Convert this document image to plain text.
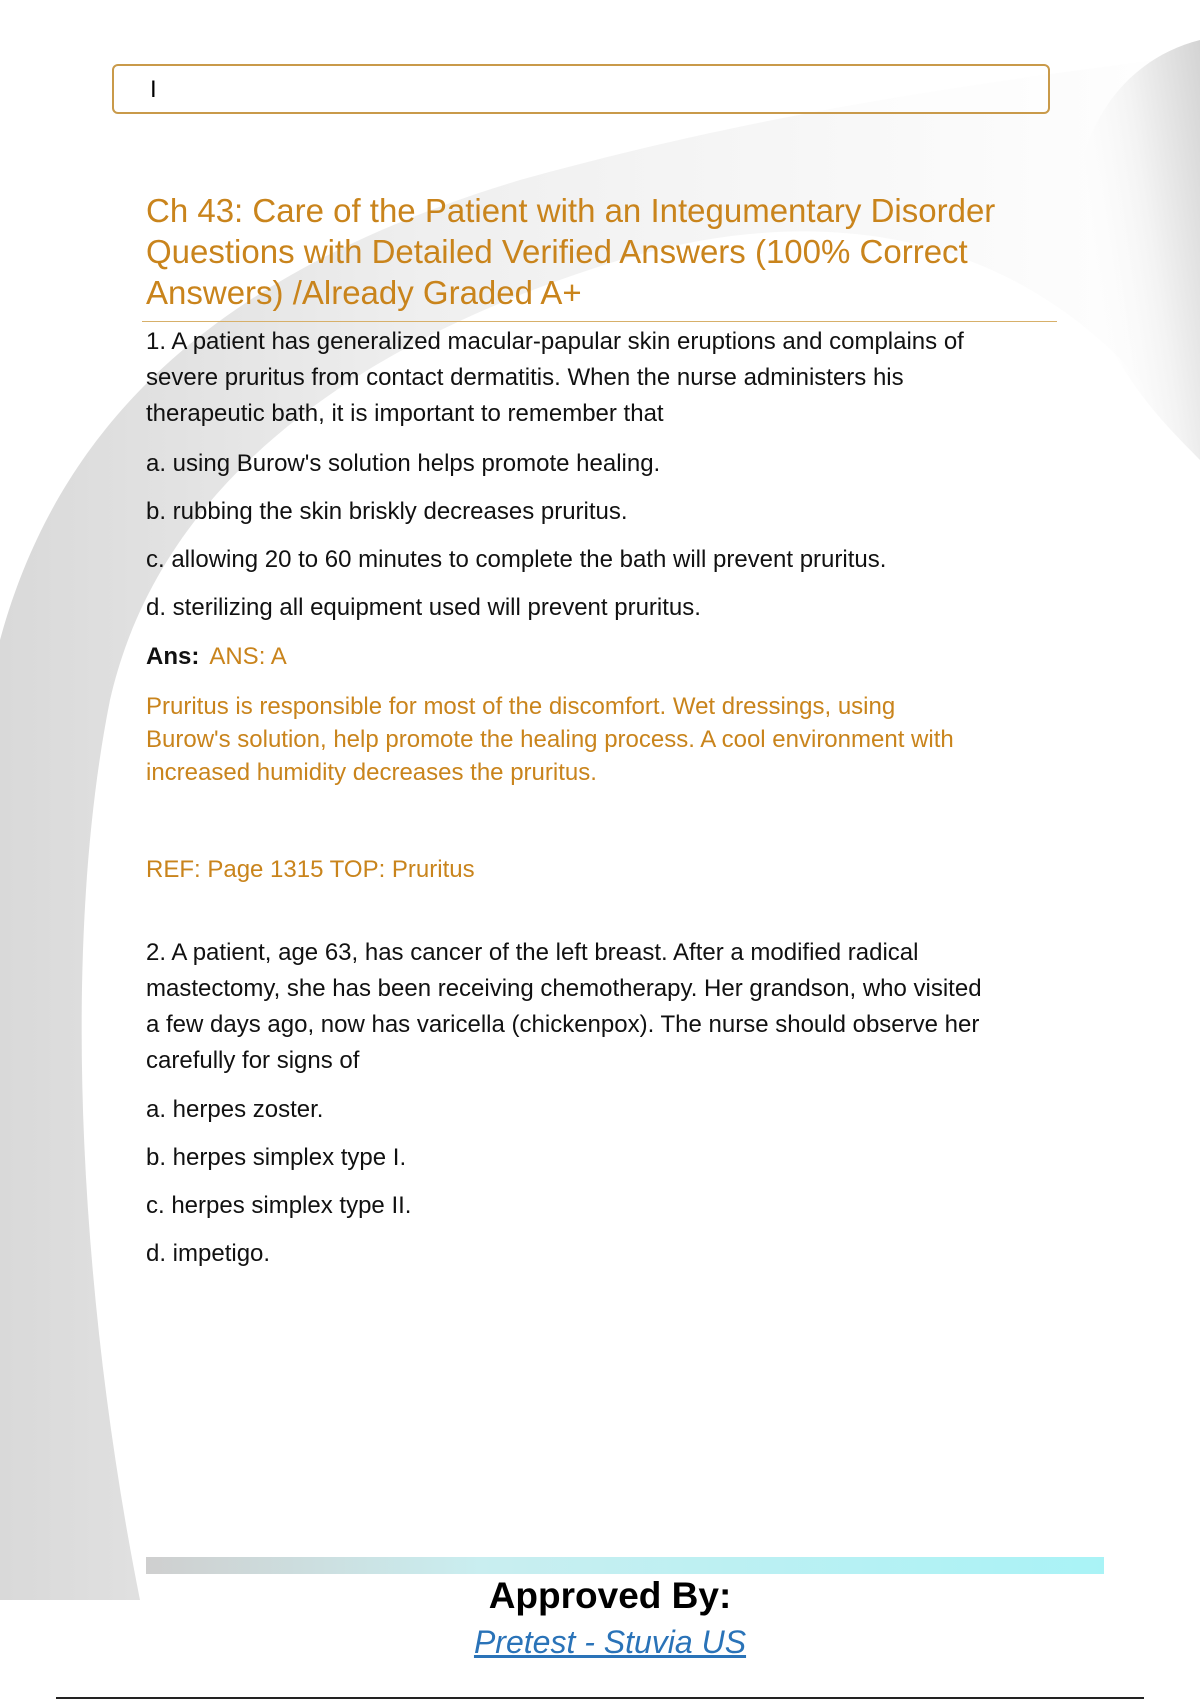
I
Ch 43: Care of the Patient with an Integumentary Disorder
Questions with Detailed Verified Answers (100% Correct
Answers) /Already Graded A+

1. A patient has generalized macular-papular skin eruptions and complains of

severe pruritus from contact dermatitis. When the nurse administers his

therapeutic bath, it is important to remember that

a. using Burow's solution helps promote healing.
b. rubbing the skin briskly decreases pruritus.
c. allowing 20 to 60 minutes to complete the bath will prevent pruritus.
d. sterilizing all equipment used will prevent pruritus.
Ans: ANS: A
Pruritus is responsible for most of the discomfort. Wet dressings, using
Burow's solution, help promote the healing process. A cool environment with
increased humidity decreases the pruritus.
REF: Page 1315 TOP: Pruritus

2. A patient, age 63, has cancer of the left breast. After a modified radical

mastectomy, she has been receiving chemotherapy. Her grandson, who visited

a few days ago, now has varicella (chickenpox). The nurse should observe her

carefully for signs of

a. herpes zoster.
b. herpes simplex type I.
c. herpes simplex type II.
d. impetigo.
Approved By:
Pretest - Stuvia US
